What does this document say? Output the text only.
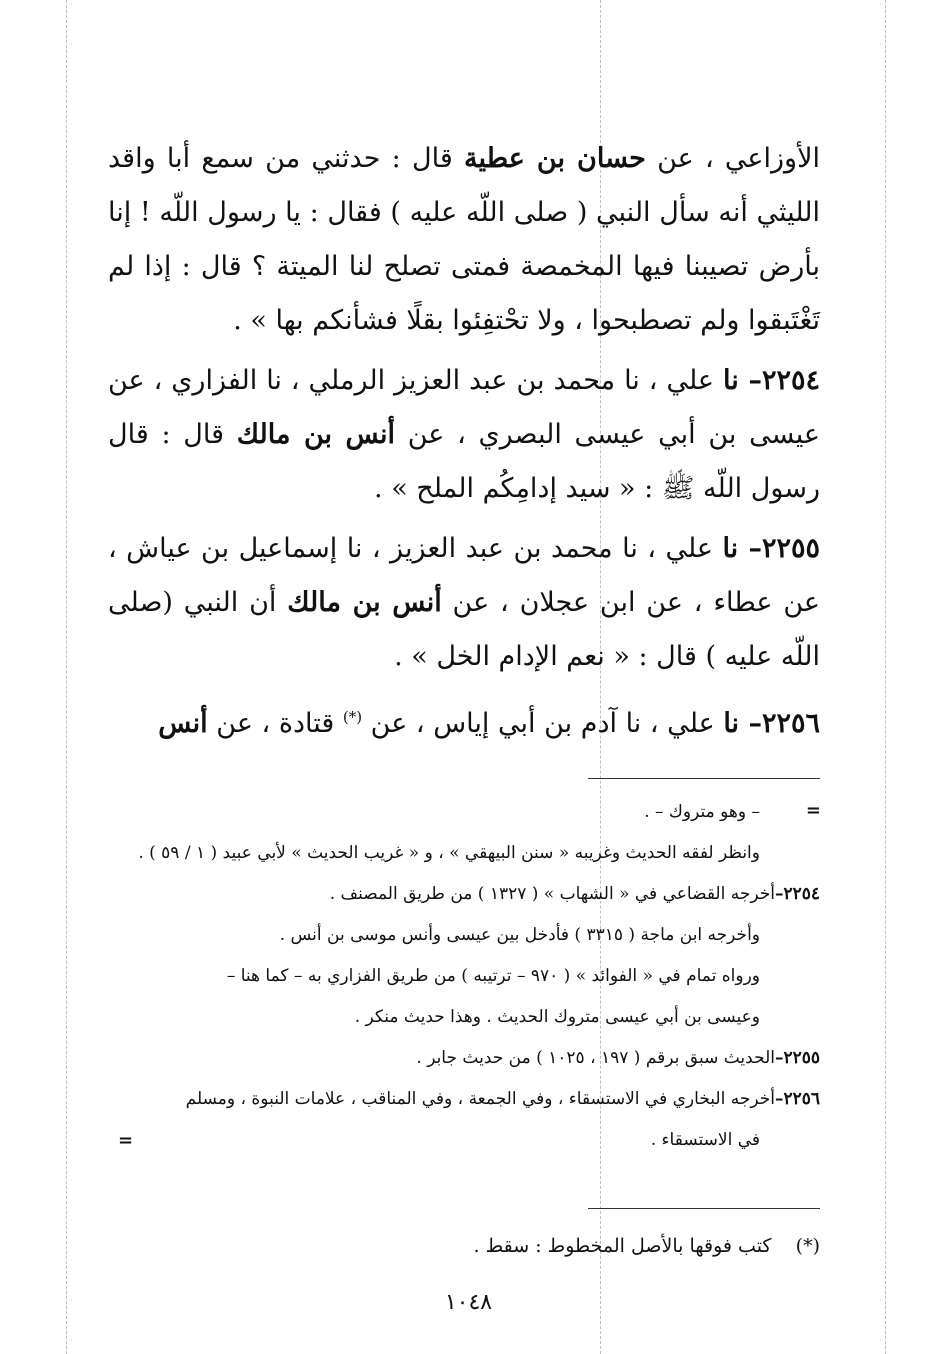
الأوزاعي ، عن حسان بن عطية قال : حدثني من سمع أبا واقد الليثي أنه سأل النبي ( صلى اللّه عليه ) فقال : يا رسول اللّه ! إنا بأرض تصيبنا فيها المخمصة فمتى تصلح لنا الميتة ؟ قال : إذا لم تَغْتَبقوا ولم تصطبحوا ، ولا تحْتفِئوا بقلًا فشأنكم بها » .

٢٢٥٤– نا علي ، نا محمد بن عبد العزيز الرملي ، نا الفزاري ، عن عيسى بن أبي عيسى البصري ، عن أنس بن مالك قال : قال رسول اللّه ﷺ : « سيد إدامِكُم الملح » .

٢٢٥٥– نا علي ، نا محمد بن عبد العزيز ، نا إسماعيل بن عياش ، عن عطاء ، عن ابن عجلان ، عن أنس بن مالك أن النبي (صلى اللّه عليه ) قال : « نعم الإدام الخل » .

٢٢٥٦– نا علي ، نا آدم بن أبي إياس ، عن (*) قتادة ، عن أنس

=
– وهو متروك – .
وانظر لفقه الحديث وغريبه « سنن البيهقي » ، و « غريب الحديث » لأبي عبيد ( ١ / ٥٩ ) .
٢٢٥٤–أخرجه القضاعي في « الشهاب » ( ١٣٢٧ ) من طريق المصنف .
وأخرجه ابن ماجة ( ٣٣١٥ ) فأدخل بين عيسى وأنس موسى بن أنس .
ورواه تمام في « الفوائد » ( ٩٧٠ – ترتيبه ) من طريق الفزاري به – كما هنا –
وعيسى بن أبي عيسى متروك الحديث . وهذا حديث منكر .
٢٢٥٥–الحديث سبق برقم ( ١٩٧ ، ١٠٢٥ ) من حديث جابر .
٢٢٥٦–أخرجه البخاري في الاستسقاء ، وفي الجمعة ، وفي المناقب ، علامات النبوة ، ومسلم
في الاستسقاء .
=
(*)    كتب فوقها بالأصل المخطوط : سقط .
١٠٤٨
